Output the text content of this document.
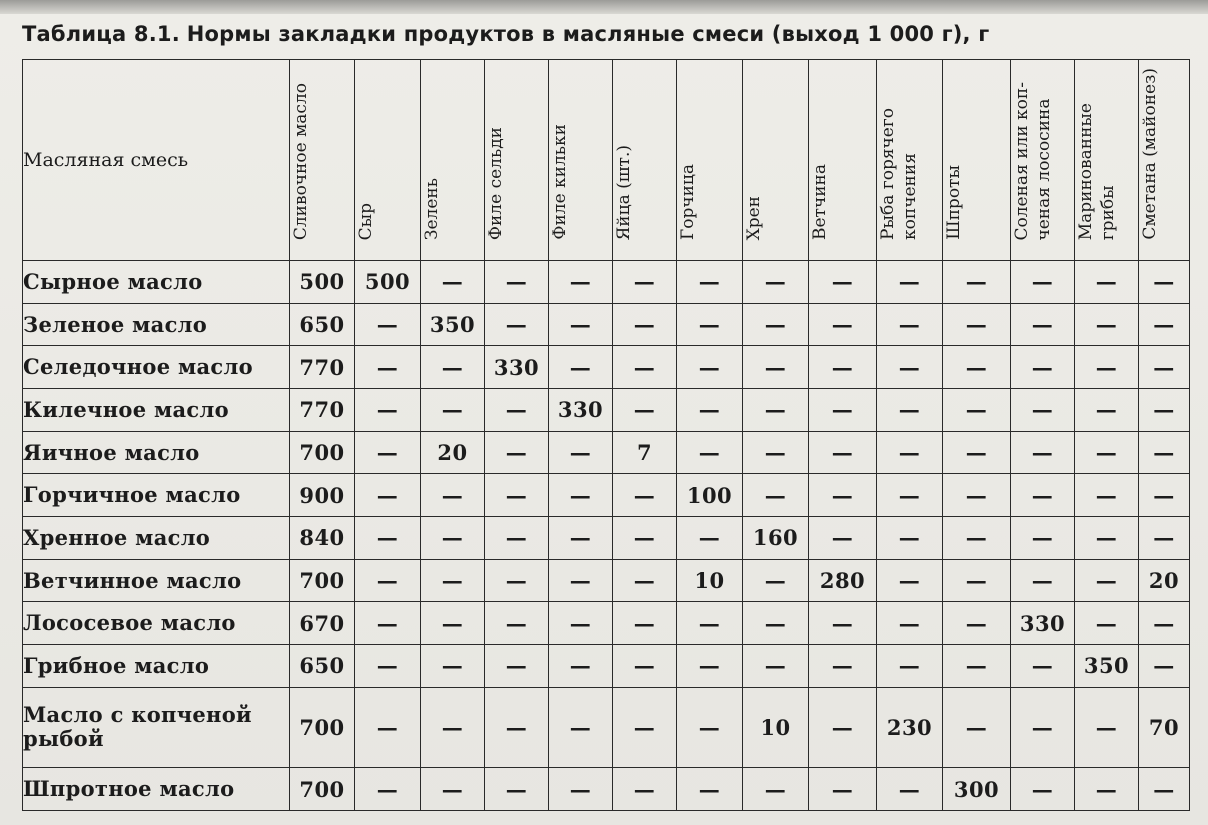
Таблица 8.1. Нормы закладки продуктов в масляные смеси (выход 1 000 г), г
Масляная смесь	Сливочное масло	Сыр	Зелень	Филе сельди	Филе кильки	Яйца (шт.)	Горчица	Хрен	Ветчина	Рыба горячего копчения	Шпроты	Соленая или коп- ченая лососина	Маринованные грибы	Сметана (майонез)
Сырное масло	500	500	—	—	—	—	—	—	—	—	—	—	—	—
Зеленое масло	650	—	350	—	—	—	—	—	—	—	—	—	—	—
Селедочное масло	770	—	—	330	—	—	—	—	—	—	—	—	—	—
Килечное масло	770	—	—	—	330	—	—	—	—	—	—	—	—	—
Яичное масло	700	—	20	—	—	7	—	—	—	—	—	—	—	—
Горчичное масло	900	—	—	—	—	—	100	—	—	—	—	—	—	—
Хренное масло	840	—	—	—	—	—	—	160	—	—	—	—	—	—
Ветчинное масло	700	—	—	—	—	—	10	—	280	—	—	—	—	20
Лососевое масло	670	—	—	—	—	—	—	—	—	—	—	330	—	—
Грибное масло	650	—	—	—	—	—	—	—	—	—	—	—	350	—
Масло с копченой рыбой	700	—	—	—	—	—	—	10	—	230	—	—	—	70
Шпротное масло	700	—	—	—	—	—	—	—	—	—	300	—	—	—
